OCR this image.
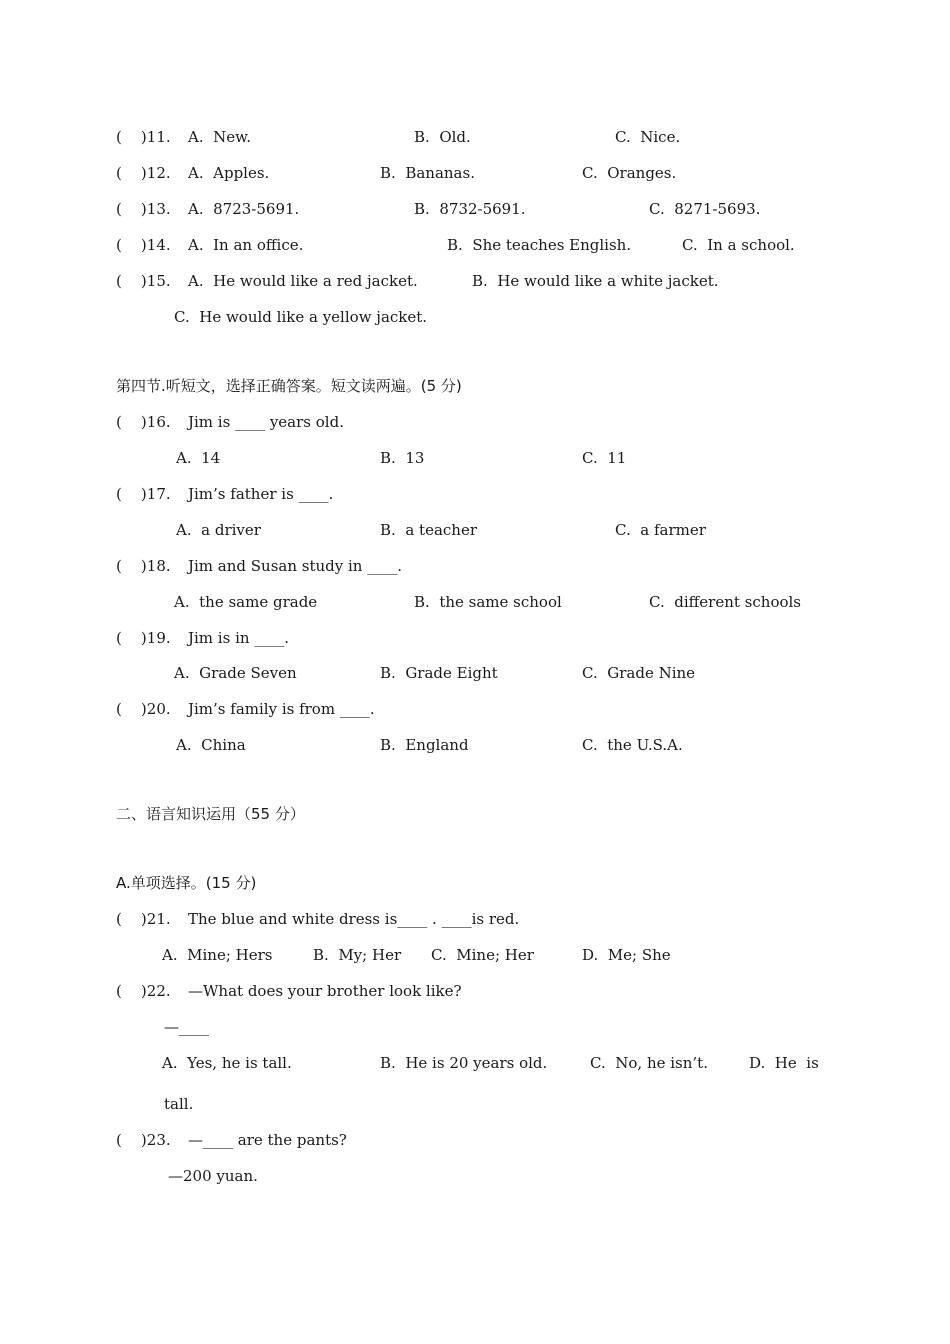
(    )11. A.  New.	B.  Old.	C.  Nice.
(    )12. A.  Apples.	B.  Bananas.	C.  Oranges.
(    )13. A.  8723-5691.	B.  8732-5691.	C.  8271-5693.
(    )14. A.  In an office.	B.  She teaches English.	C.  In a school.
(    )15. A.  He would like a red jacket.	B.  He would like a white jacket.
C.  He would like a yellow jacket.
第四节.听短文，选择正确答案。短文读两遍。(5 分)
(    )16. Jim is ____ years old.
A.  14	B.  13	C.  11
(    )17. Jim’s father is ____.
A.  a driver	B.  a teacher	C.  a farmer
(    )18. Jim and Susan study in ____.
A.  the same grade	B.  the same school	C.  different schools
(    )19. Jim is in ____.
A.  Grade Seven	B.  Grade Eight	C.  Grade Nine
(    )20. Jim’s family is from ____.
A.  China	B.  England	C.  the U.S.A.
二、语言知识运用（55 分）
A.单项选择。(15 分)
(    )21. The blue and white dress is____ . ____is red.
A.  Mine; Hers	B.  My; Her C.  Mine; Her	D.  Me; She
(    )22. —What does your brother look like?
—____
A.  Yes, he is tall.	B.  He is 20 years old.	C.  No, he isn’t.	D.  He  is
tall.
(    )23. —____ are the pants?
—200 yuan.
